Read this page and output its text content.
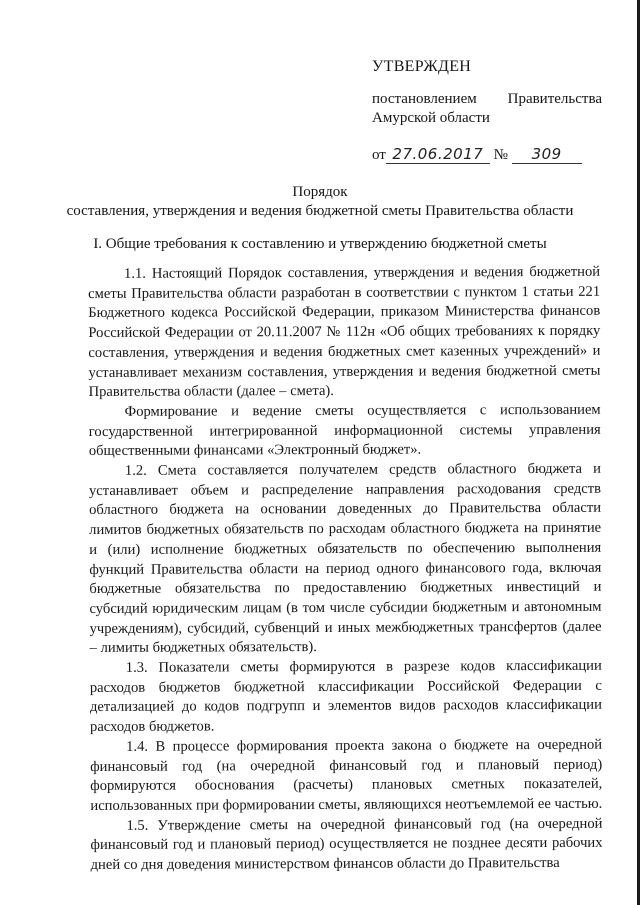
УТВЕРЖДЕН
постановлением Правительства
Амурской области
от 27.06.2017 № 309
Порядок
составления, утверждения и ведения бюджетной сметы Правительства области
I. Общие требования к составлению и утверждению бюджетной сметы

1.1. Настоящий Порядок составления, утверждения и ведения бюджетной сметы Правительства области разработан в соответствии с пунктом 1 статьи 221 Бюджетного кодекса Российской Федерации, приказом Министерства финансов Российской Федерации от 20.11.2007 № 112н «Об общих требованиях к порядку составления, утверждения и ведения бюджетных смет казенных учреждений» и устанавливает механизм составления, утверждения и ведения бюджетной сметы Правительства области (далее – смета).

Формирование и ведение сметы осуществляется с использованием государственной интегрированной информационной системы управления общественными финансами «Электронный бюджет».

1.2. Смета составляется получателем средств областного бюджета и устанавливает объем и распределение направления расходования средств областного бюджета на основании доведенных до Правительства области лимитов бюджетных обязательств по расходам областного бюджета на принятие и (или) исполнение бюджетных обязательств по обеспечению выполнения функций Правительства области на период одного финансового года, включая бюджетные обязательства по предоставлению бюджетных инвестиций и субсидий юридическим лицам (в том числе субсидии бюджетным и автономным учреждениям), субсидий, субвенций и иных межбюджетных трансфертов (далее – лимиты бюджетных обязательств).

1.3. Показатели сметы формируются в разрезе кодов классификации расходов бюджетов бюджетной классификации Российской Федерации с детализацией до кодов подгрупп и элементов видов расходов классификации расходов бюджетов.

1.4. В процессе формирования проекта закона о бюджете на очередной финансовый год (на очередной финансовый год и плановый период) формируются обоснования (расчеты) плановых сметных показателей, использованных при формировании сметы, являющихся неотъемлемой ее частью.

1.5. Утверждение сметы на очередной финансовый год (на очередной финансовый год и плановый период) осуществляется не позднее десяти рабочих дней со дня доведения министерством финансов области до Правительства
